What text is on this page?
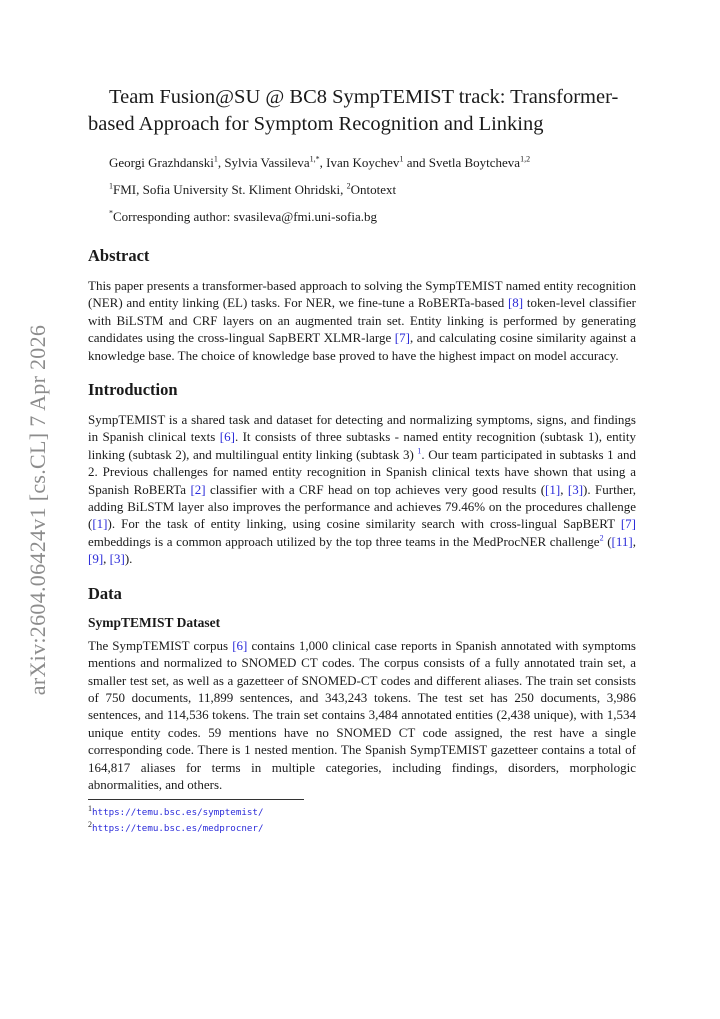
arXiv:2604.06424v1 [cs.CL] 7 Apr 2026
Team Fusion@SU @ BC8 SympTEMIST track: Transformer-based Approach for Symptom Recognition and Linking

Georgi Grazhdanski$^1$, Sylvia Vassileva$^{1,*}$, Ivan Koychev$^1$ and Svetla Boytcheva$^{1,2}$

$^1$FMI, Sofia University St. Kliment Ohridski, $^2$Ontotext

*Corresponding author: svasileva@fmi.uni-sofia.bg

Abstract

This paper presents a transformer-based approach to solving the SympTEMIST named entity recognition (NER) and entity linking (EL) tasks. For NER, we fine-tune a RoBERTa-based [8] token-level classifier with BiLSTM and CRF layers on an augmented train set. Entity linking is performed by generating candidates using the cross-lingual SapBERT XLMR-large [7], and calculating cosine similarity against a knowledge base. The choice of knowledge base proved to have the highest impact on model accuracy.

Introduction

SympTEMIST is a shared task and dataset for detecting and normalizing symptoms, signs, and findings in Spanish clinical texts [6]. It consists of three subtasks - named entity recognition (subtask 1), entity linking (subtask 2), and multilingual entity linking (subtask 3) $^1$. Our team participated in subtasks 1 and 2. Previous challenges for named entity recognition in Spanish clinical texts have shown that using a Spanish RoBERTa [2] classifier with a CRF head on top achieves very good results ([1], [3]). Further, adding BiLSTM layer also improves the performance and achieves 79.46% on the procedures challenge ([1]). For the task of entity linking, using cosine similarity search with cross-lingual SapBERT [7] embeddings is a common approach utilized by the top three teams in the MedProcNER challenge$^2$ ([11], [9], [3]).

Data
SympTEMIST Dataset

The SympTEMIST corpus [6] contains 1,000 clinical case reports in Spanish annotated with symptoms mentions and normalized to SNOMED CT codes. The corpus consists of a fully annotated train set, a smaller test set, as well as a gazetteer of SNOMED-CT codes and different aliases. The train set consists of 750 documents, 11,899 sentences, and 343,243 tokens. The test set has 250 documents, 3,986 sentences, and 114,536 tokens. The train set contains 3,484 annotated entities (2,438 unique), with 1,534 unique entity codes. 59 mentions have no SNOMED CT code assigned, the rest have a single corresponding code. There is 1 nested mention. The Spanish SympTEMIST gazetteer contains a total of 164,817 aliases for terms in multiple categories, including findings, disorders, morphologic abnormalities, and others.

1https://temu.bsc.es/symptemist/
2https://temu.bsc.es/medprocner/
